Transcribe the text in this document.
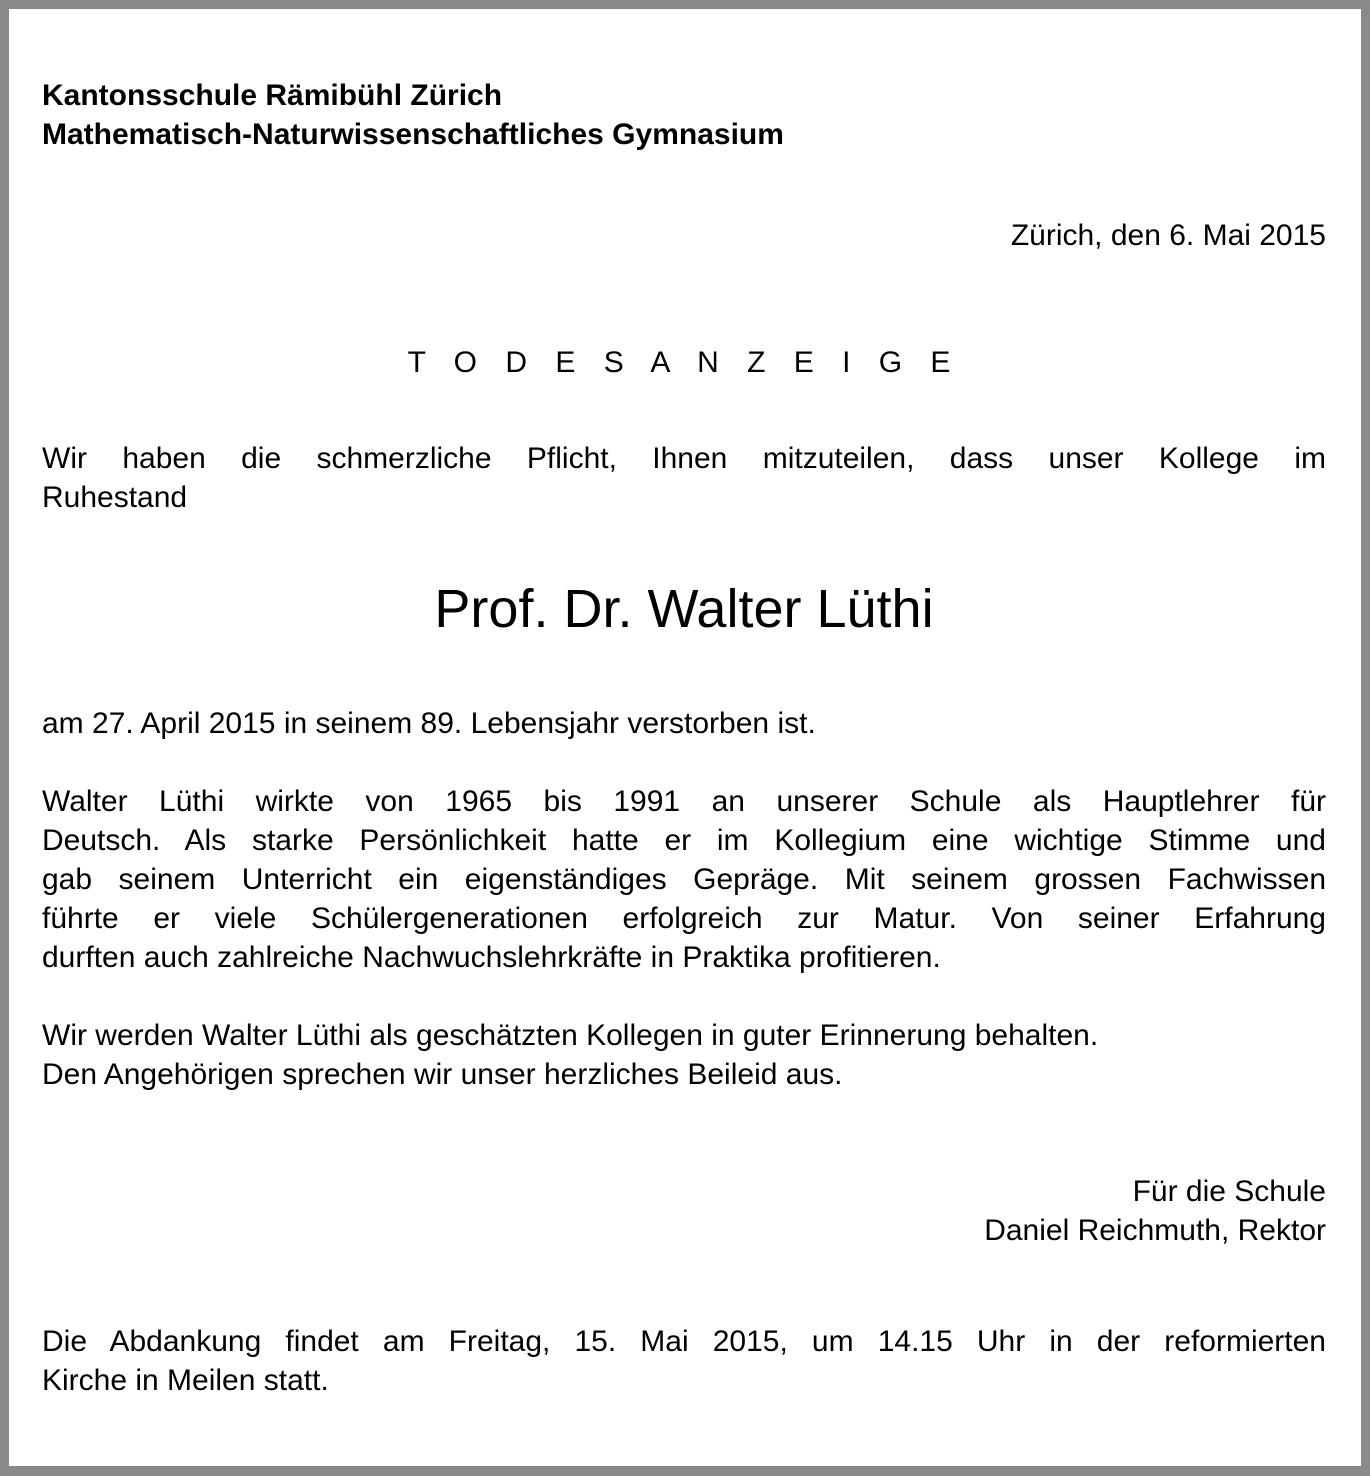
Kantonsschule Rämibühl Zürich
Mathematisch-Naturwissenschaftliches Gymnasium
Zürich, den 6. Mai 2015
T O D E S A N Z E I G E
Wir haben die schmerzliche Pflicht, Ihnen mitzuteilen, dass unser Kollege im
Ruhestand
Prof. Dr. Walter Lüthi
am 27. April 2015 in seinem 89. Lebensjahr verstorben ist.
Walter Lüthi wirkte von 1965 bis 1991 an unserer Schule als Hauptlehrer für
Deutsch. Als starke Persönlichkeit hatte er im Kollegium eine wichtige Stimme und
gab seinem Unterricht ein eigenständiges Gepräge. Mit seinem grossen Fachwissen
führte er viele Schülergenerationen erfolgreich zur Matur. Von seiner Erfahrung
durften auch zahlreiche Nachwuchslehrkräfte in Praktika profitieren.
Wir werden Walter Lüthi als geschätzten Kollegen in guter Erinnerung behalten.
Den Angehörigen sprechen wir unser herzliches Beileid aus.
Für die Schule
Daniel Reichmuth, Rektor
Die Abdankung findet am Freitag, 15. Mai 2015, um 14.15 Uhr in der reformierten
Kirche in Meilen statt.
